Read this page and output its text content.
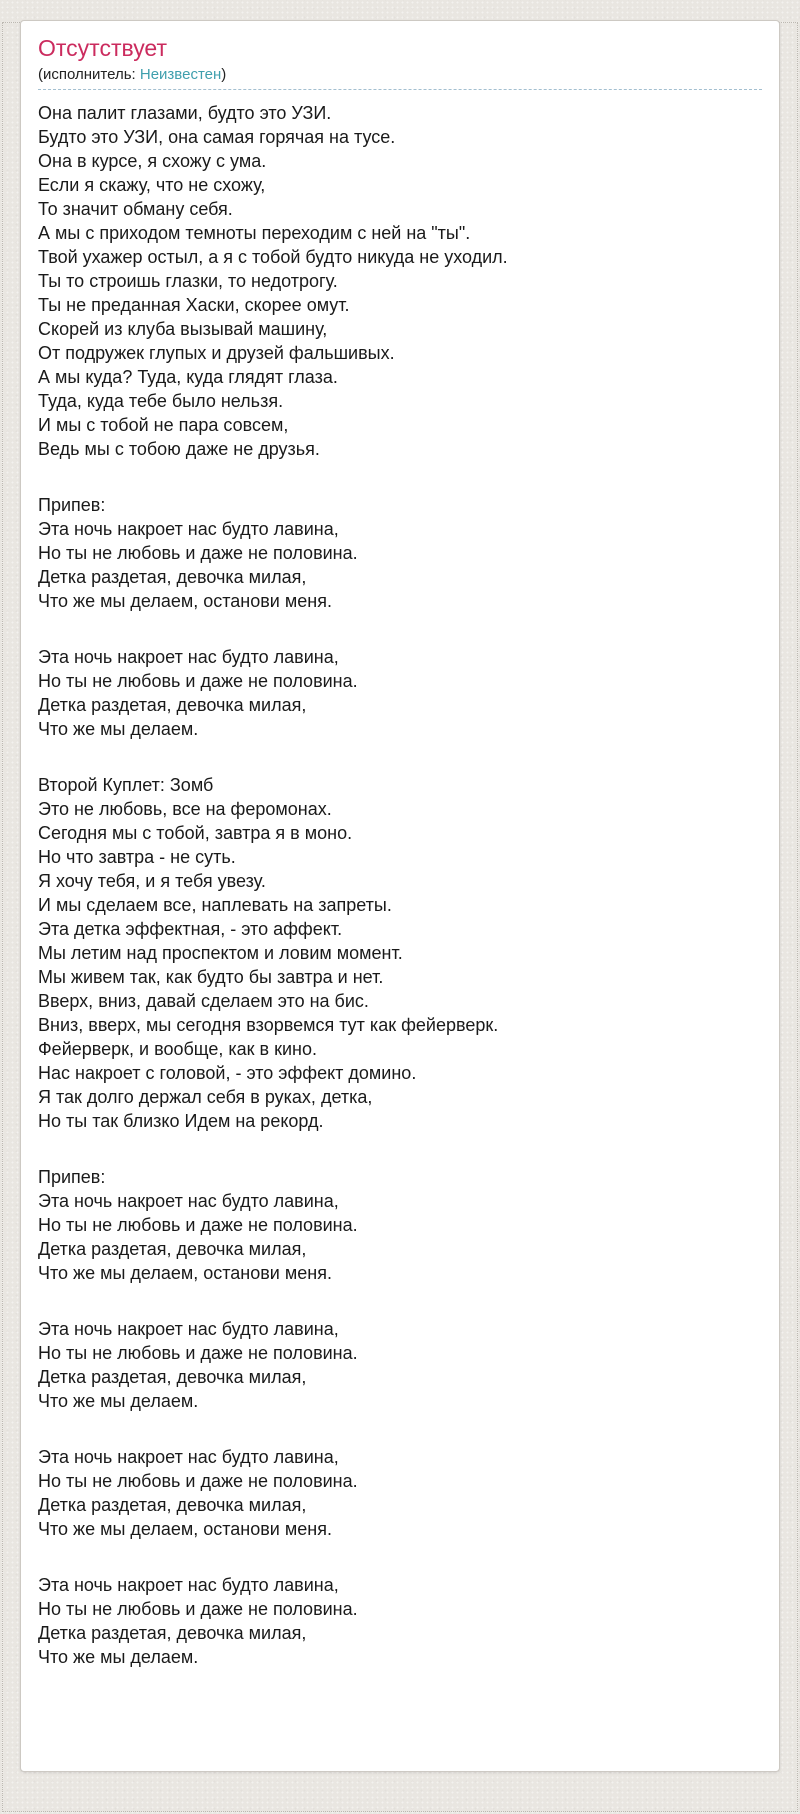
Отсутствует
(исполнитель: Неизвестен)

Она палит глазами, будто это УЗИ.
Будто это УЗИ, она самая горячая на тусе.
Она в курсе, я схожу с ума.
Если я скажу, что не схожу,
То значит обману себя.
А мы с приходом темноты переходим с ней на "ты".
Твой ухажер остыл, а я с тобой будто никуда не уходил.
Ты то строишь глазки, то недотрогу.
Ты не преданная Хаски, скорее омут.
Скорей из клуба вызывай машину,
От подружек глупых и друзей фальшивых.
А мы куда? Туда, куда глядят глаза.
Туда, куда тебе было нельзя.
И мы с тобой не пара совсем,
Ведь мы с тобою даже не друзья.

Припев:
Эта ночь накроет нас будто лавина,
Но ты не любовь и даже не половина.
Детка раздетая, девочка милая,
Что же мы делаем, останови меня.

Эта ночь накроет нас будто лавина,
Но ты не любовь и даже не половина.
Детка раздетая, девочка милая,
Что же мы делаем.

Второй Куплет: Зомб
Это не любовь, все на феромонах.
Сегодня мы с тобой, завтра я в моно.
Но что завтра - не суть.
Я хочу тебя, и я тебя увезу.
И мы сделаем все, наплевать на запреты.
Эта детка эффектная, - это аффект.
Мы летим над проспектом и ловим момент.
Мы живем так, как будто бы завтра и нет.
Вверх, вниз, давай сделаем это на бис.
Вниз, вверх, мы сегодня взорвемся тут как фейерверк.
Фейерверк, и вообще, как в кино.
Нас накроет с головой, - это эффект домино.
Я так долго держал себя в руках, детка,
Но ты так близко Идем на рекорд.

Припев:
Эта ночь накроет нас будто лавина,
Но ты не любовь и даже не половина.
Детка раздетая, девочка милая,
Что же мы делаем, останови меня.

Эта ночь накроет нас будто лавина,
Но ты не любовь и даже не половина.
Детка раздетая, девочка милая,
Что же мы делаем.

Эта ночь накроет нас будто лавина,
Но ты не любовь и даже не половина.
Детка раздетая, девочка милая,
Что же мы делаем, останови меня.

Эта ночь накроет нас будто лавина,
Но ты не любовь и даже не половина.
Детка раздетая, девочка милая,
Что же мы делаем.
